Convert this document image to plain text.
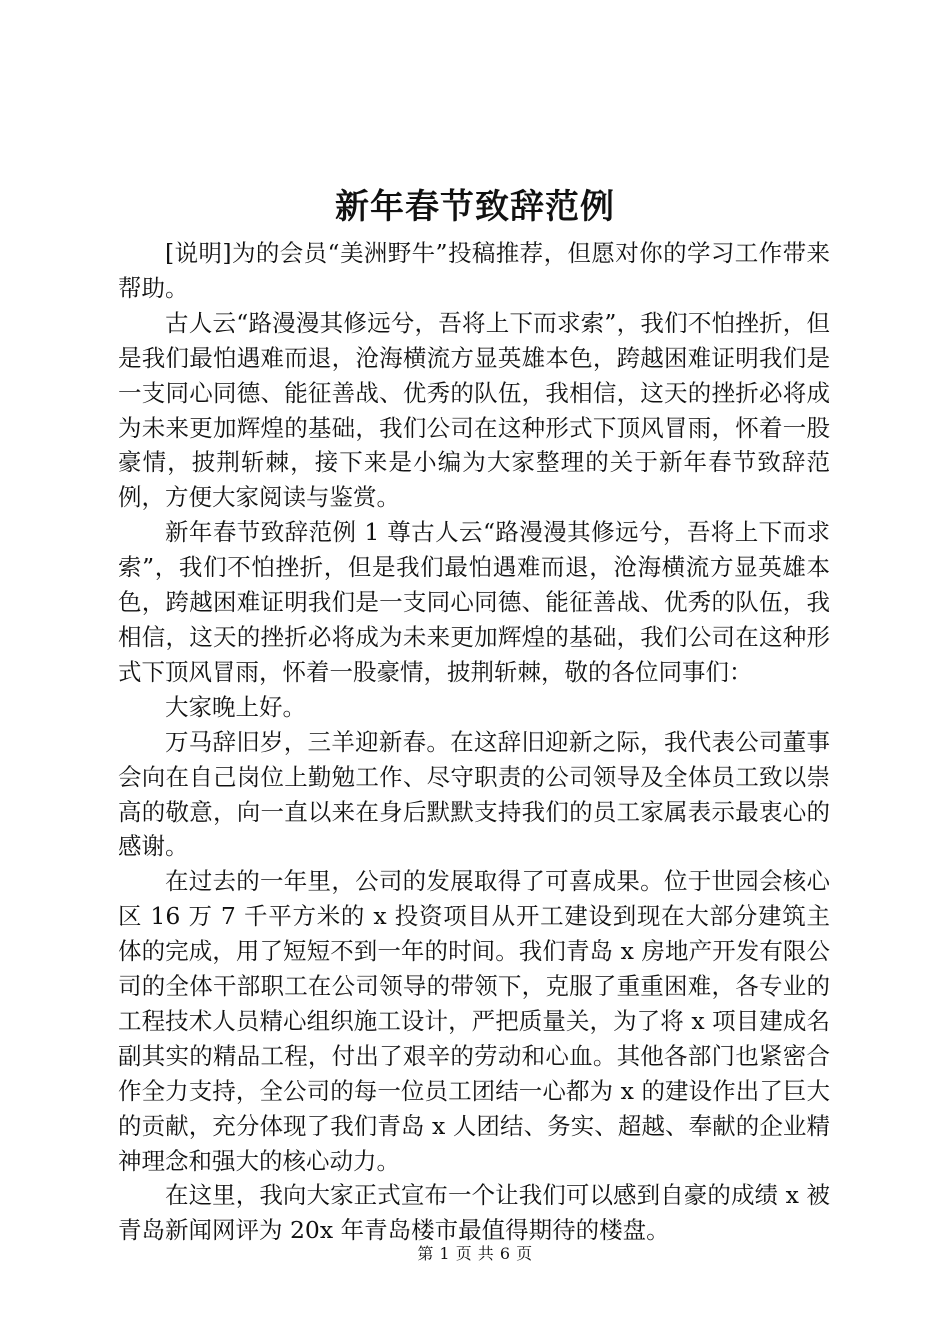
新年春节致辞范例

[说明]为的会员“美洲野牛”投稿推荐，但愿对你的学习工作带来帮助。

古人云“路漫漫其修远兮，吾将上下而求索”，我们不怕挫折，但是我们最怕遇难而退，沧海横流方显英雄本色，跨越困难证明我们是一支同心同德、能征善战、优秀的队伍，我相信，这天的挫折必将成为未来更加辉煌的基础，我们公司在这种形式下顶风冒雨，怀着一股豪情，披荆斩棘，接下来是小编为大家整理的关于新年春节致辞范例，方便大家阅读与鉴赏。

新年春节致辞范例 1 尊古人云“路漫漫其修远兮，吾将上下而求索”，我们不怕挫折，但是我们最怕遇难而退，沧海横流方显英雄本色，跨越困难证明我们是一支同心同德、能征善战、优秀的队伍，我相信，这天的挫折必将成为未来更加辉煌的基础，我们公司在这种形式下顶风冒雨，怀着一股豪情，披荆斩棘，敬的各位同事们：

大家晚上好。

万马辞旧岁，三羊迎新春。在这辞旧迎新之际，我代表公司董事会向在自己岗位上勤勉工作、尽守职责的公司领导及全体员工致以崇高的敬意，向一直以来在身后默默支持我们的员工家属表示最衷心的感谢。

在过去的一年里，公司的发展取得了可喜成果。位于世园会核心区 16 万 7 千平方米的 x 投资项目从开工建设到现在大部分建筑主体的完成，用了短短不到一年的时间。我们青岛 x 房地产开发有限公司的全体干部职工在公司领导的带领下，克服了重重困难，各专业的工程技术人员精心组织施工设计，严把质量关，为了将 x 项目建成名副其实的精品工程，付出了艰辛的劳动和心血。其他各部门也紧密合作全力支持，全公司的每一位员工团结一心都为 x 的建设作出了巨大的贡献，充分体现了我们青岛 x 人团结、务实、超越、奉献的企业精神理念和强大的核心动力。

在这里，我向大家正式宣布一个让我们可以感到自豪的成绩 x 被青岛新闻网评为 20x 年青岛楼市最值得期待的楼盘。

第 1 页 共 6 页
